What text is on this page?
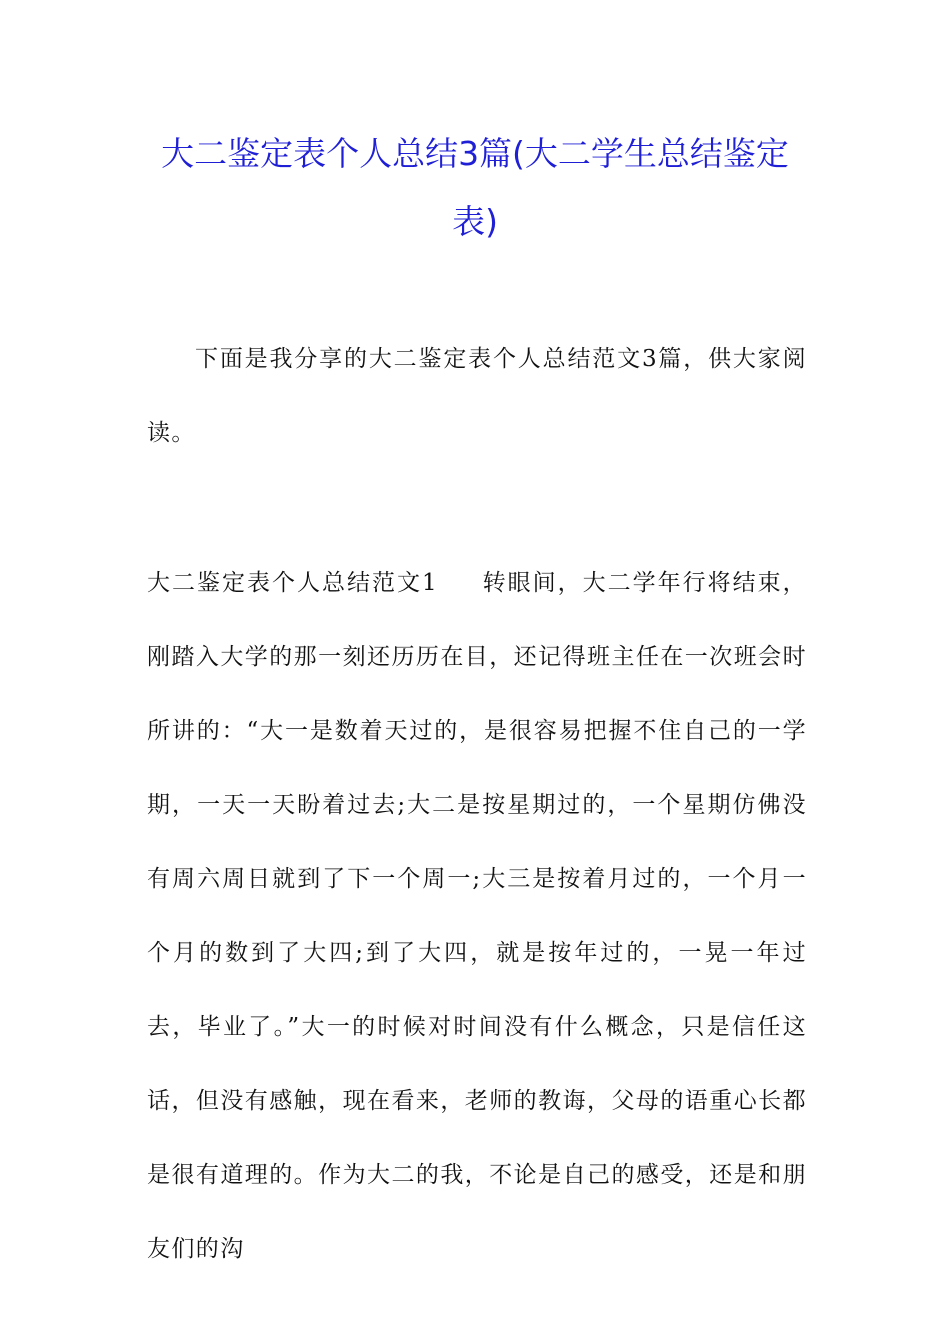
大二鉴定表个人总结3篇(大二学生总结鉴定表)

下面是我分享的大二鉴定表个人总结范文3篇，供大家阅读。

大二鉴定表个人总结范文1 转眼间，大二学年行将结束，刚踏入大学的那一刻还历历在目，还记得班主任在一次班会时所讲的：“大一是数着天过的，是很容易把握不住自己的一学期，一天一天盼着过去;大二是按星期过的，一个星期仿佛没有周六周日就到了下一个周一;大三是按着月过的，一个月一个月的数到了大四;到了大四，就是按年过的，一晃一年过去，毕业了。”大一的时候对时间没有什么概念，只是信任这话，但没有感触，现在看来，老师的教诲，父母的语重心长都是很有道理的。作为大二的我，不论是自己的感受，还是和朋友们的沟
